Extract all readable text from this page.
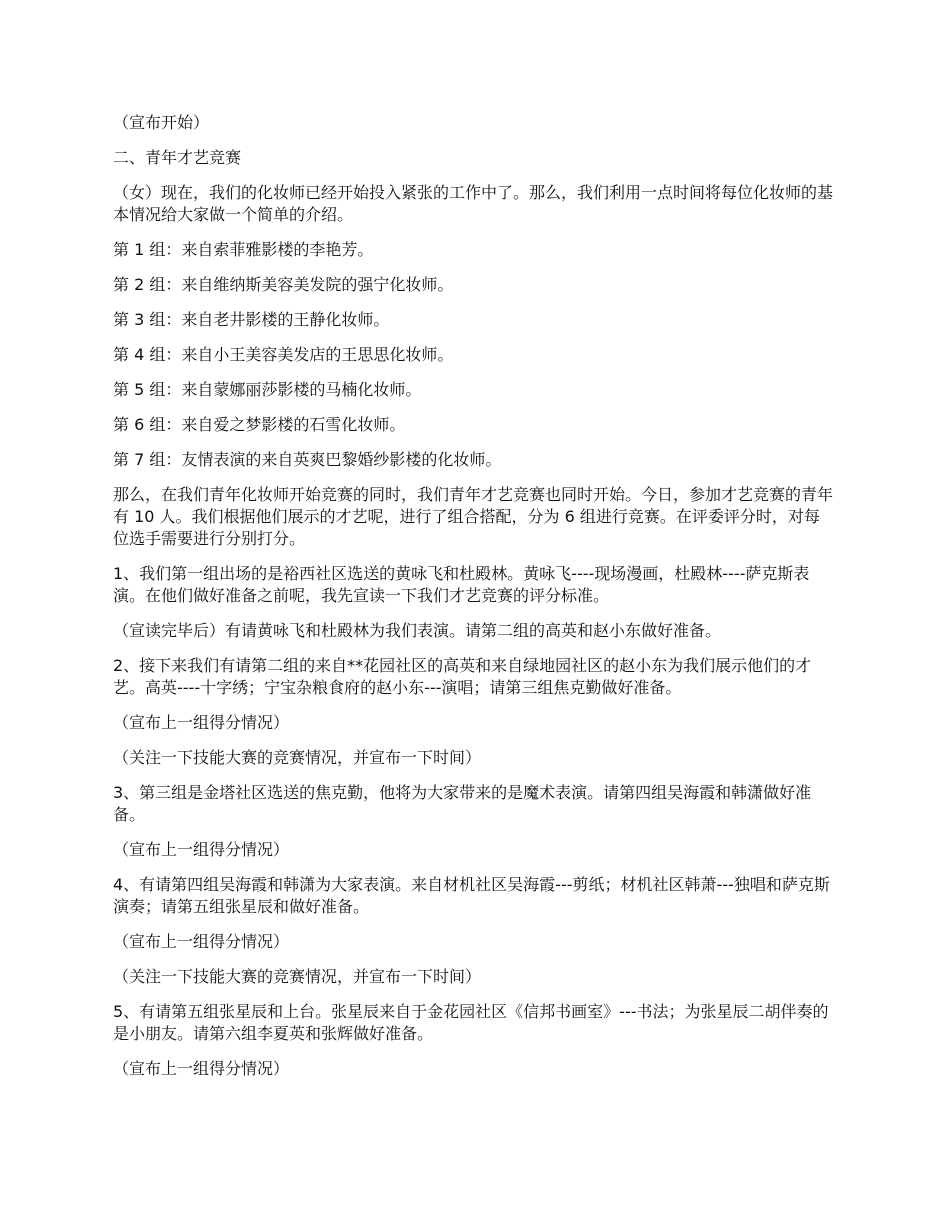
（宣布开始）

二、青年才艺竞赛

（女）现在，我们的化妆师已经开始投入紧张的工作中了。那么，我们利用一点时间将每位化妆师的基本情况给大家做一个简单的介绍。

第 1 组：来自索菲雅影楼的李艳芳。

第 2 组：来自维纳斯美容美发院的强宁化妆师。

第 3 组：来自老井影楼的王静化妆师。

第 4 组：来自小王美容美发店的王思思化妆师。

第 5 组：来自蒙娜丽莎影楼的马楠化妆师。

第 6 组：来自爱之梦影楼的石雪化妆师。

第 7 组：友情表演的来自英爽巴黎婚纱影楼的化妆师。

那么，在我们青年化妆师开始竞赛的同时，我们青年才艺竞赛也同时开始。今日，参加才艺竞赛的青年有 10 人。我们根据他们展示的才艺呢，进行了组合搭配，分为 6 组进行竞赛。在评委评分时，对每位选手需要进行分别打分。

1、我们第一组出场的是裕西社区选送的黄咏飞和杜殿林。黄咏飞----现场漫画，杜殿林----萨克斯表演。在他们做好准备之前呢，我先宣读一下我们才艺竞赛的评分标准。

（宣读完毕后）有请黄咏飞和杜殿林为我们表演。请第二组的高英和赵小东做好准备。

2、接下来我们有请第二组的来自**花园社区的高英和来自绿地园社区的赵小东为我们展示他们的才艺。高英----十字绣；宁宝杂粮食府的赵小东---演唱；请第三组焦克勤做好准备。

（宣布上一组得分情况）

（关注一下技能大赛的竞赛情况，并宣布一下时间）

3、第三组是金塔社区选送的焦克勤，他将为大家带来的是魔术表演。请第四组吴海霞和韩潇做好准备。

（宣布上一组得分情况）

4、有请第四组吴海霞和韩潇为大家表演。来自材机社区吴海霞---剪纸；材机社区韩萧---独唱和萨克斯演奏；请第五组张星辰和做好准备。

（宣布上一组得分情况）

（关注一下技能大赛的竞赛情况，并宣布一下时间）

5、有请第五组张星辰和上台。张星辰来自于金花园社区《信邦书画室》---书法；为张星辰二胡伴奏的是小朋友。请第六组李夏英和张辉做好准备。

（宣布上一组得分情况）
